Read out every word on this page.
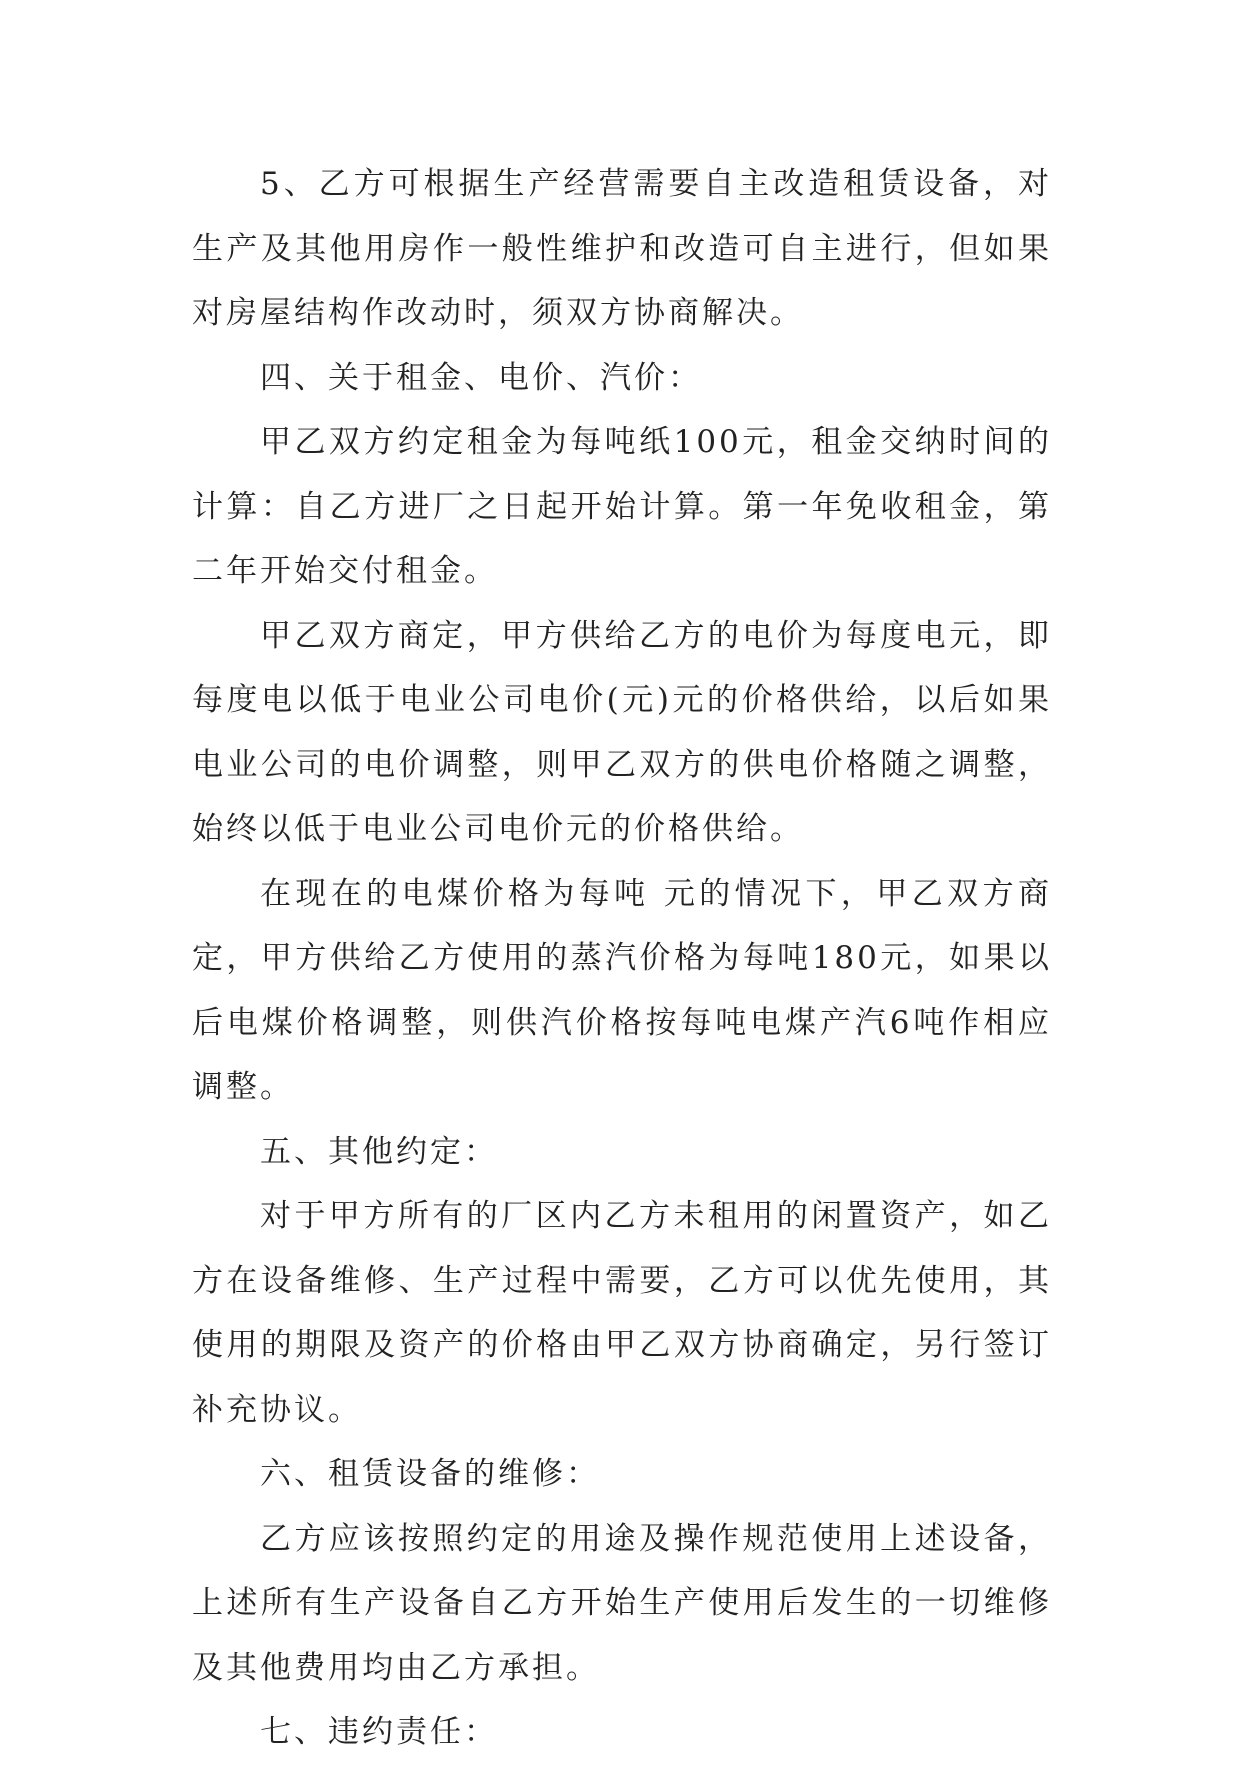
5、乙方可根据生产经营需要自主改造租赁设备，对生产及其他用房作一般性维护和改造可自主进行，但如果对房屋结构作改动时，须双方协商解决。

四、关于租金、电价、汽价：

甲乙双方约定租金为每吨纸100元，租金交纳时间的计算：自乙方进厂之日起开始计算。第一年免收租金，第二年开始交付租金。

甲乙双方商定，甲方供给乙方的电价为每度电元，即每度电以低于电业公司电价(元)元的价格供给，以后如果电业公司的电价调整，则甲乙双方的供电价格随之调整，始终以低于电业公司电价元的价格供给。

在现在的电煤价格为每吨 元的情况下，甲乙双方商定，甲方供给乙方使用的蒸汽价格为每吨180元，如果以后电煤价格调整，则供汽价格按每吨电煤产汽6吨作相应调整。

五、其他约定：

对于甲方所有的厂区内乙方未租用的闲置资产，如乙方在设备维修、生产过程中需要，乙方可以优先使用，其使用的期限及资产的价格由甲乙双方协商确定，另行签订补充协议。

六、租赁设备的维修：

乙方应该按照约定的用途及操作规范使用上述设备，上述所有生产设备自乙方开始生产使用后发生的一切维修及其他费用均由乙方承担。

七、违约责任：
